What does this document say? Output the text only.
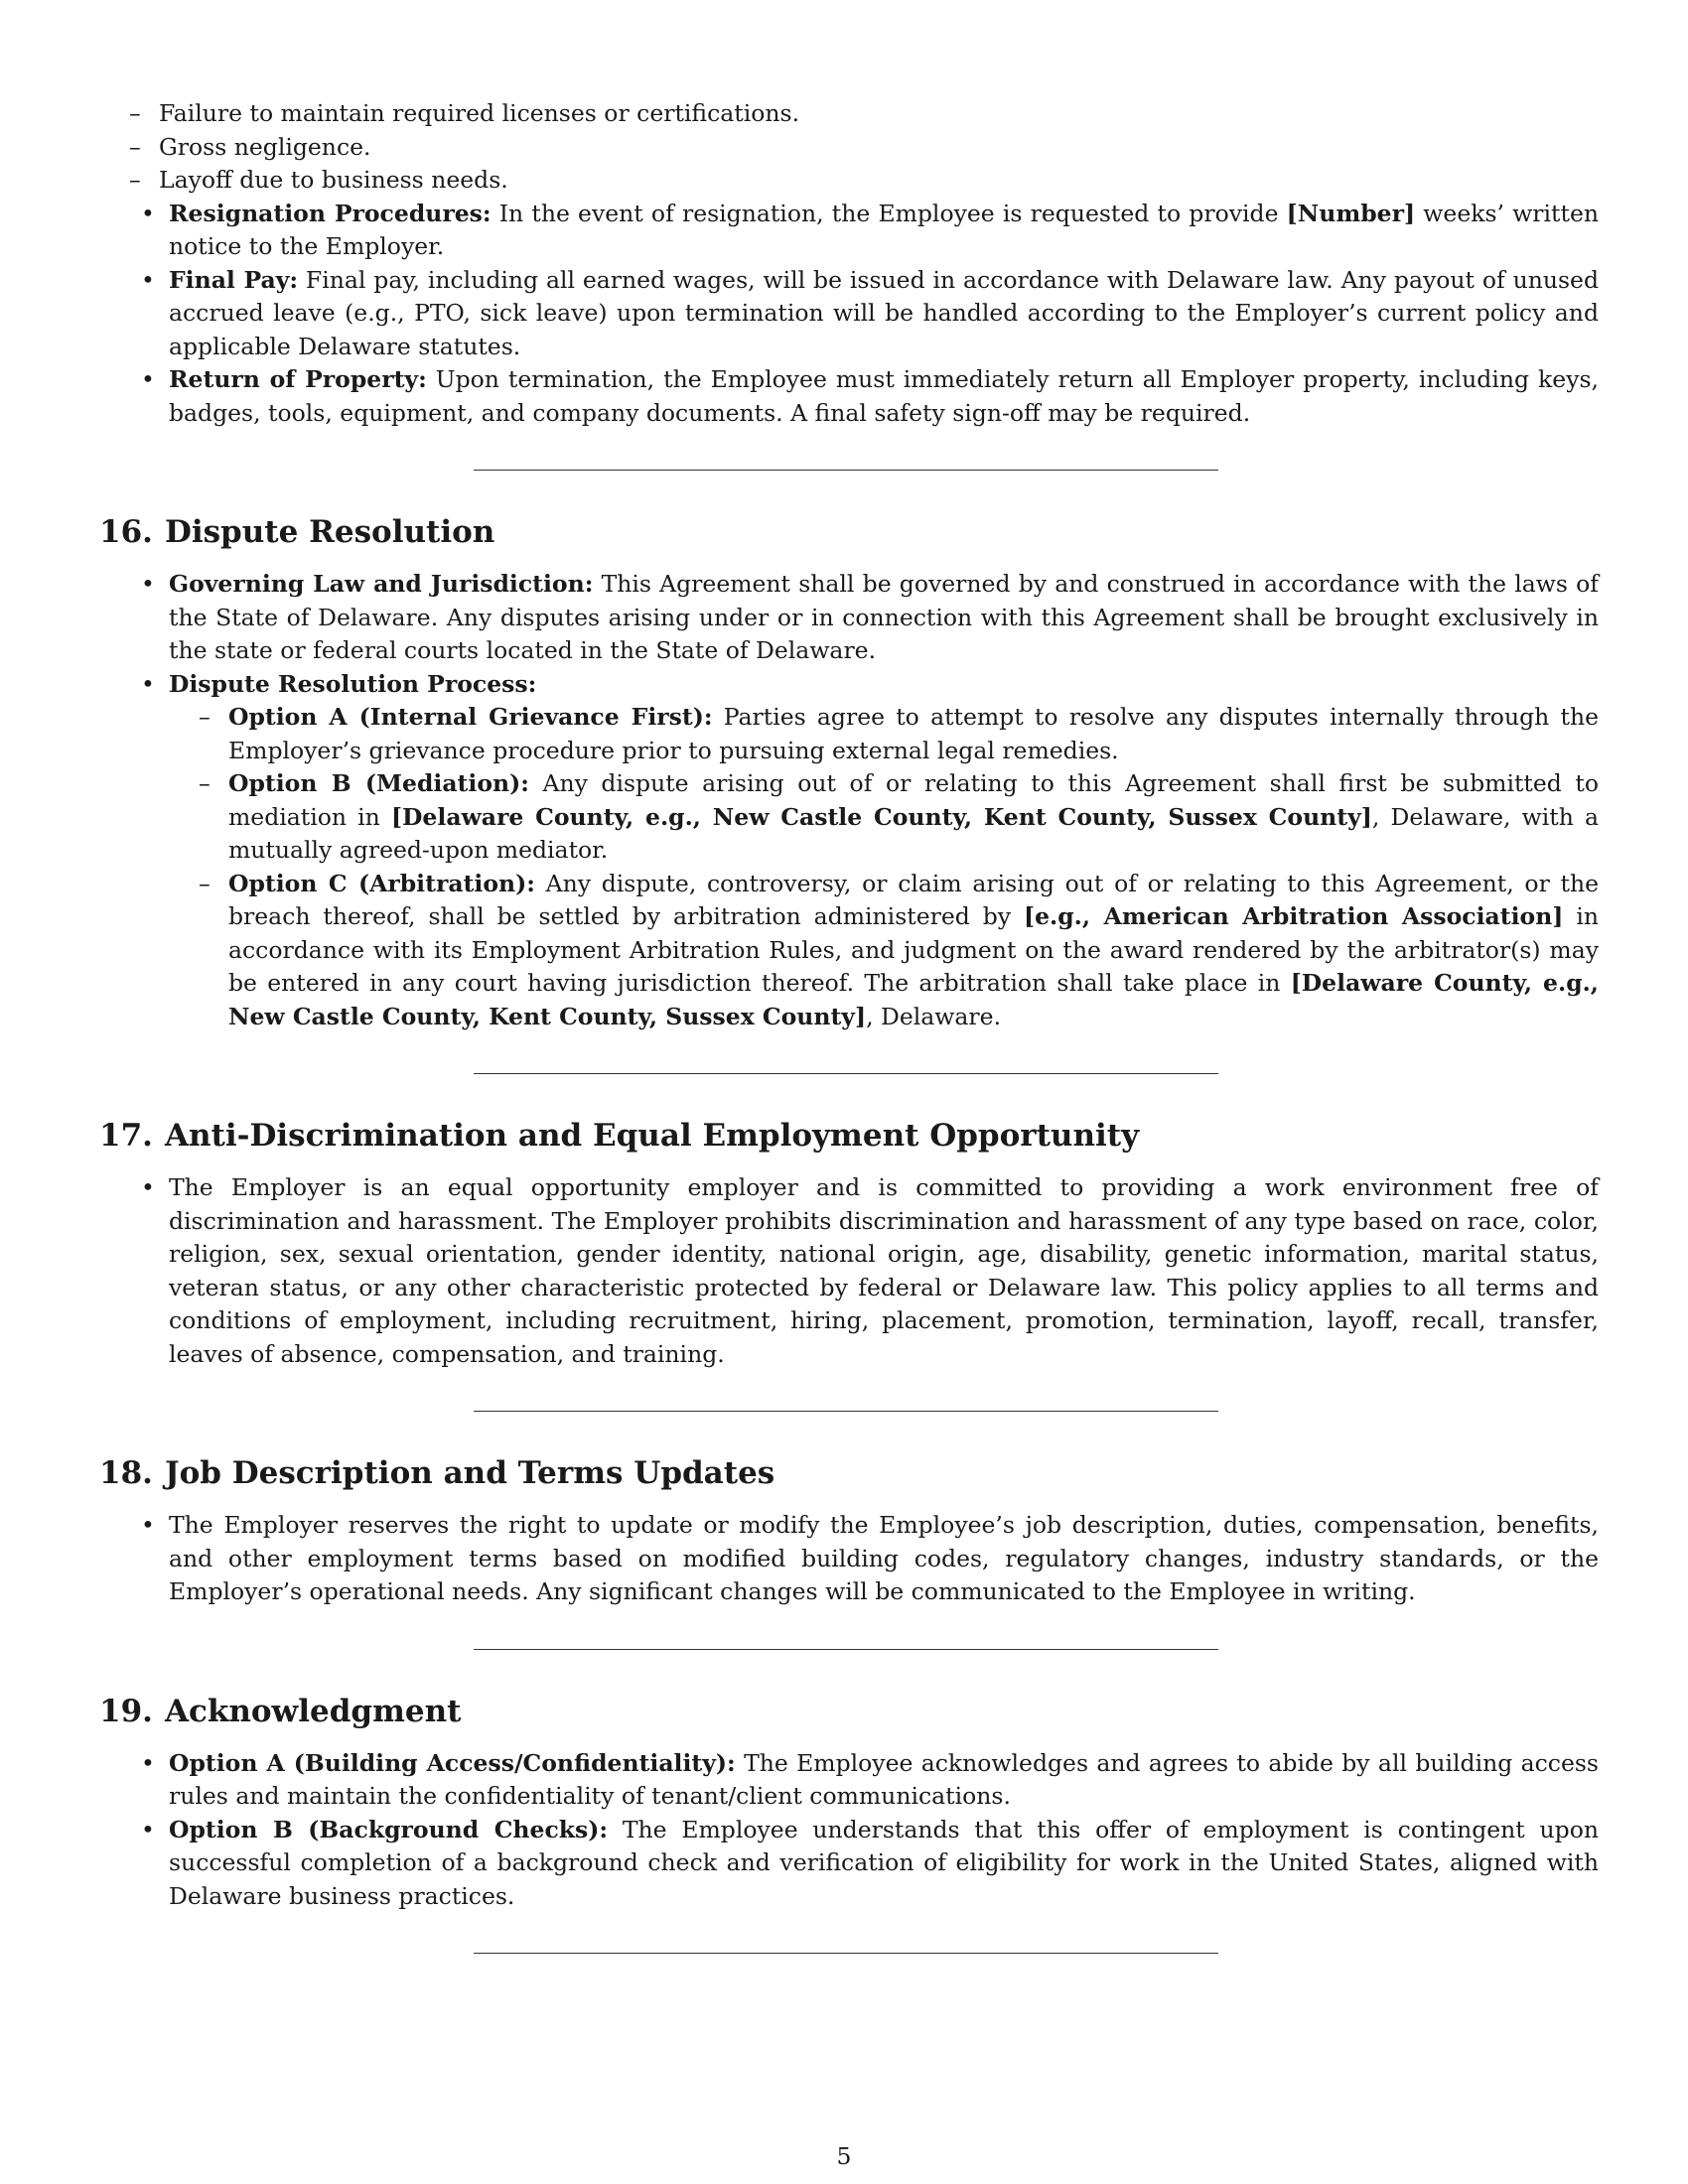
– Failure to maintain required licenses or certifications.
– Gross negligence.
– Layoff due to business needs.
• Resignation Procedures: In the event of resignation, the Employee is requested to provide [Number] weeks’ written notice to the Employer.
• Final Pay: Final pay, including all earned wages, will be issued in accordance with Delaware law. Any payout of unused accrued leave (e.g., PTO, sick leave) upon termination will be handled according to the Employer’s current policy and applicable Delaware statutes.
• Return of Property: Upon termination, the Employee must immediately return all Employer property, including keys, badges, tools, equipment, and company documents. A final safety sign-off may be required.
16. Dispute Resolution
• Governing Law and Jurisdiction: This Agreement shall be governed by and construed in accordance with the laws of the State of Delaware. Any disputes arising under or in connection with this Agreement shall be brought exclusively in the state or federal courts located in the State of Delaware.
• Dispute Resolution Process:
– Option A (Internal Grievance First): Parties agree to attempt to resolve any disputes internally through the Employer’s grievance procedure prior to pursuing external legal remedies.
– Option B (Mediation): Any dispute arising out of or relating to this Agreement shall first be submitted to mediation in [Delaware County, e.g., New Castle County, Kent County, Sussex County], Delaware, with a mutually agreed-upon mediator.
– Option C (Arbitration): Any dispute, controversy, or claim arising out of or relating to this Agreement, or the breach thereof, shall be settled by arbitration administered by [e.g., American Arbitration Association] in accordance with its Employment Arbitration Rules, and judgment on the award rendered by the arbitrator(s) may be entered in any court having jurisdiction thereof. The arbitration shall take place in [Delaware County, e.g., New Castle County, Kent County, Sussex County], Delaware.
17. Anti-Discrimination and Equal Employment Opportunity
• The Employer is an equal opportunity employer and is committed to providing a work environment free of discrimination and harassment. The Employer prohibits discrimination and harassment of any type based on race, color, religion, sex, sexual orientation, gender identity, national origin, age, disability, genetic information, marital status, veteran status, or any other characteristic protected by federal or Delaware law. This policy applies to all terms and conditions of employment, including recruitment, hiring, placement, promotion, termination, layoff, recall, transfer, leaves of absence, compensation, and training.
18. Job Description and Terms Updates
• The Employer reserves the right to update or modify the Employee’s job description, duties, compensation, benefits, and other employment terms based on modified building codes, regulatory changes, industry standards, or the Employer’s operational needs. Any significant changes will be communicated to the Employee in writing.
19. Acknowledgment
• Option A (Building Access/Confidentiality): The Employee acknowledges and agrees to abide by all building access rules and maintain the confidentiality of tenant/client communications.
• Option B (Background Checks): The Employee understands that this offer of employment is contingent upon successful completion of a background check and verification of eligibility for work in the United States, aligned with Delaware business practices.
5
